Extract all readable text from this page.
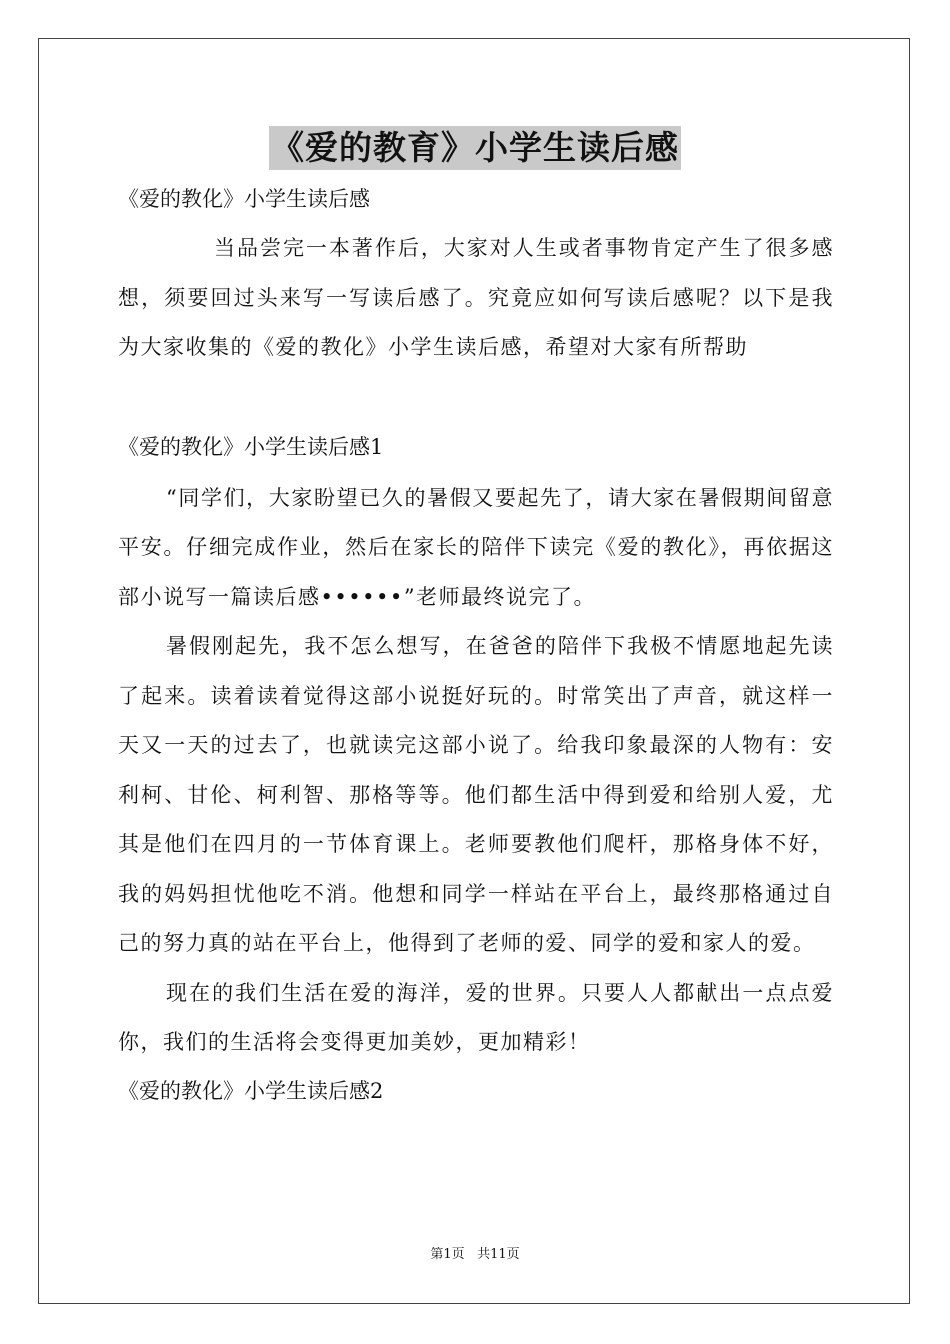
《爱的教育》小学生读后感

《爱的教化》小学生读后感

当品尝完一本著作后，大家对人生或者事物肯定产生了很多感想，须要回过头来写一写读后感了。究竟应如何写读后感呢？以下是我为大家收集的《爱的教化》小学生读后感，希望对大家有所帮助

《爱的教化》小学生读后感1

“同学们，大家盼望已久的暑假又要起先了，请大家在暑假期间留意平安。仔细完成作业，然后在家长的陪伴下读完《爱的教化》，再依据这部小说写一篇读后感••••••”老师最终说完了。

暑假刚起先，我不怎么想写，在爸爸的陪伴下我极不情愿地起先读了起来。读着读着觉得这部小说挺好玩的。时常笑出了声音，就这样一天又一天的过去了，也就读完这部小说了。给我印象最深的人物有：安利柯、甘伦、柯利智、那格等等。他们都生活中得到爱和给别人爱，尤其是他们在四月的一节体育课上。老师要教他们爬杆，那格身体不好，我的妈妈担忧他吃不消。他想和同学一样站在平台上，最终那格通过自己的努力真的站在平台上，他得到了老师的爱、同学的爱和家人的爱。

现在的我们生活在爱的海洋，爱的世界。只要人人都献出一点点爱你，我们的生活将会变得更加美妙，更加精彩！

《爱的教化》小学生读后感2

第1页 共11页
